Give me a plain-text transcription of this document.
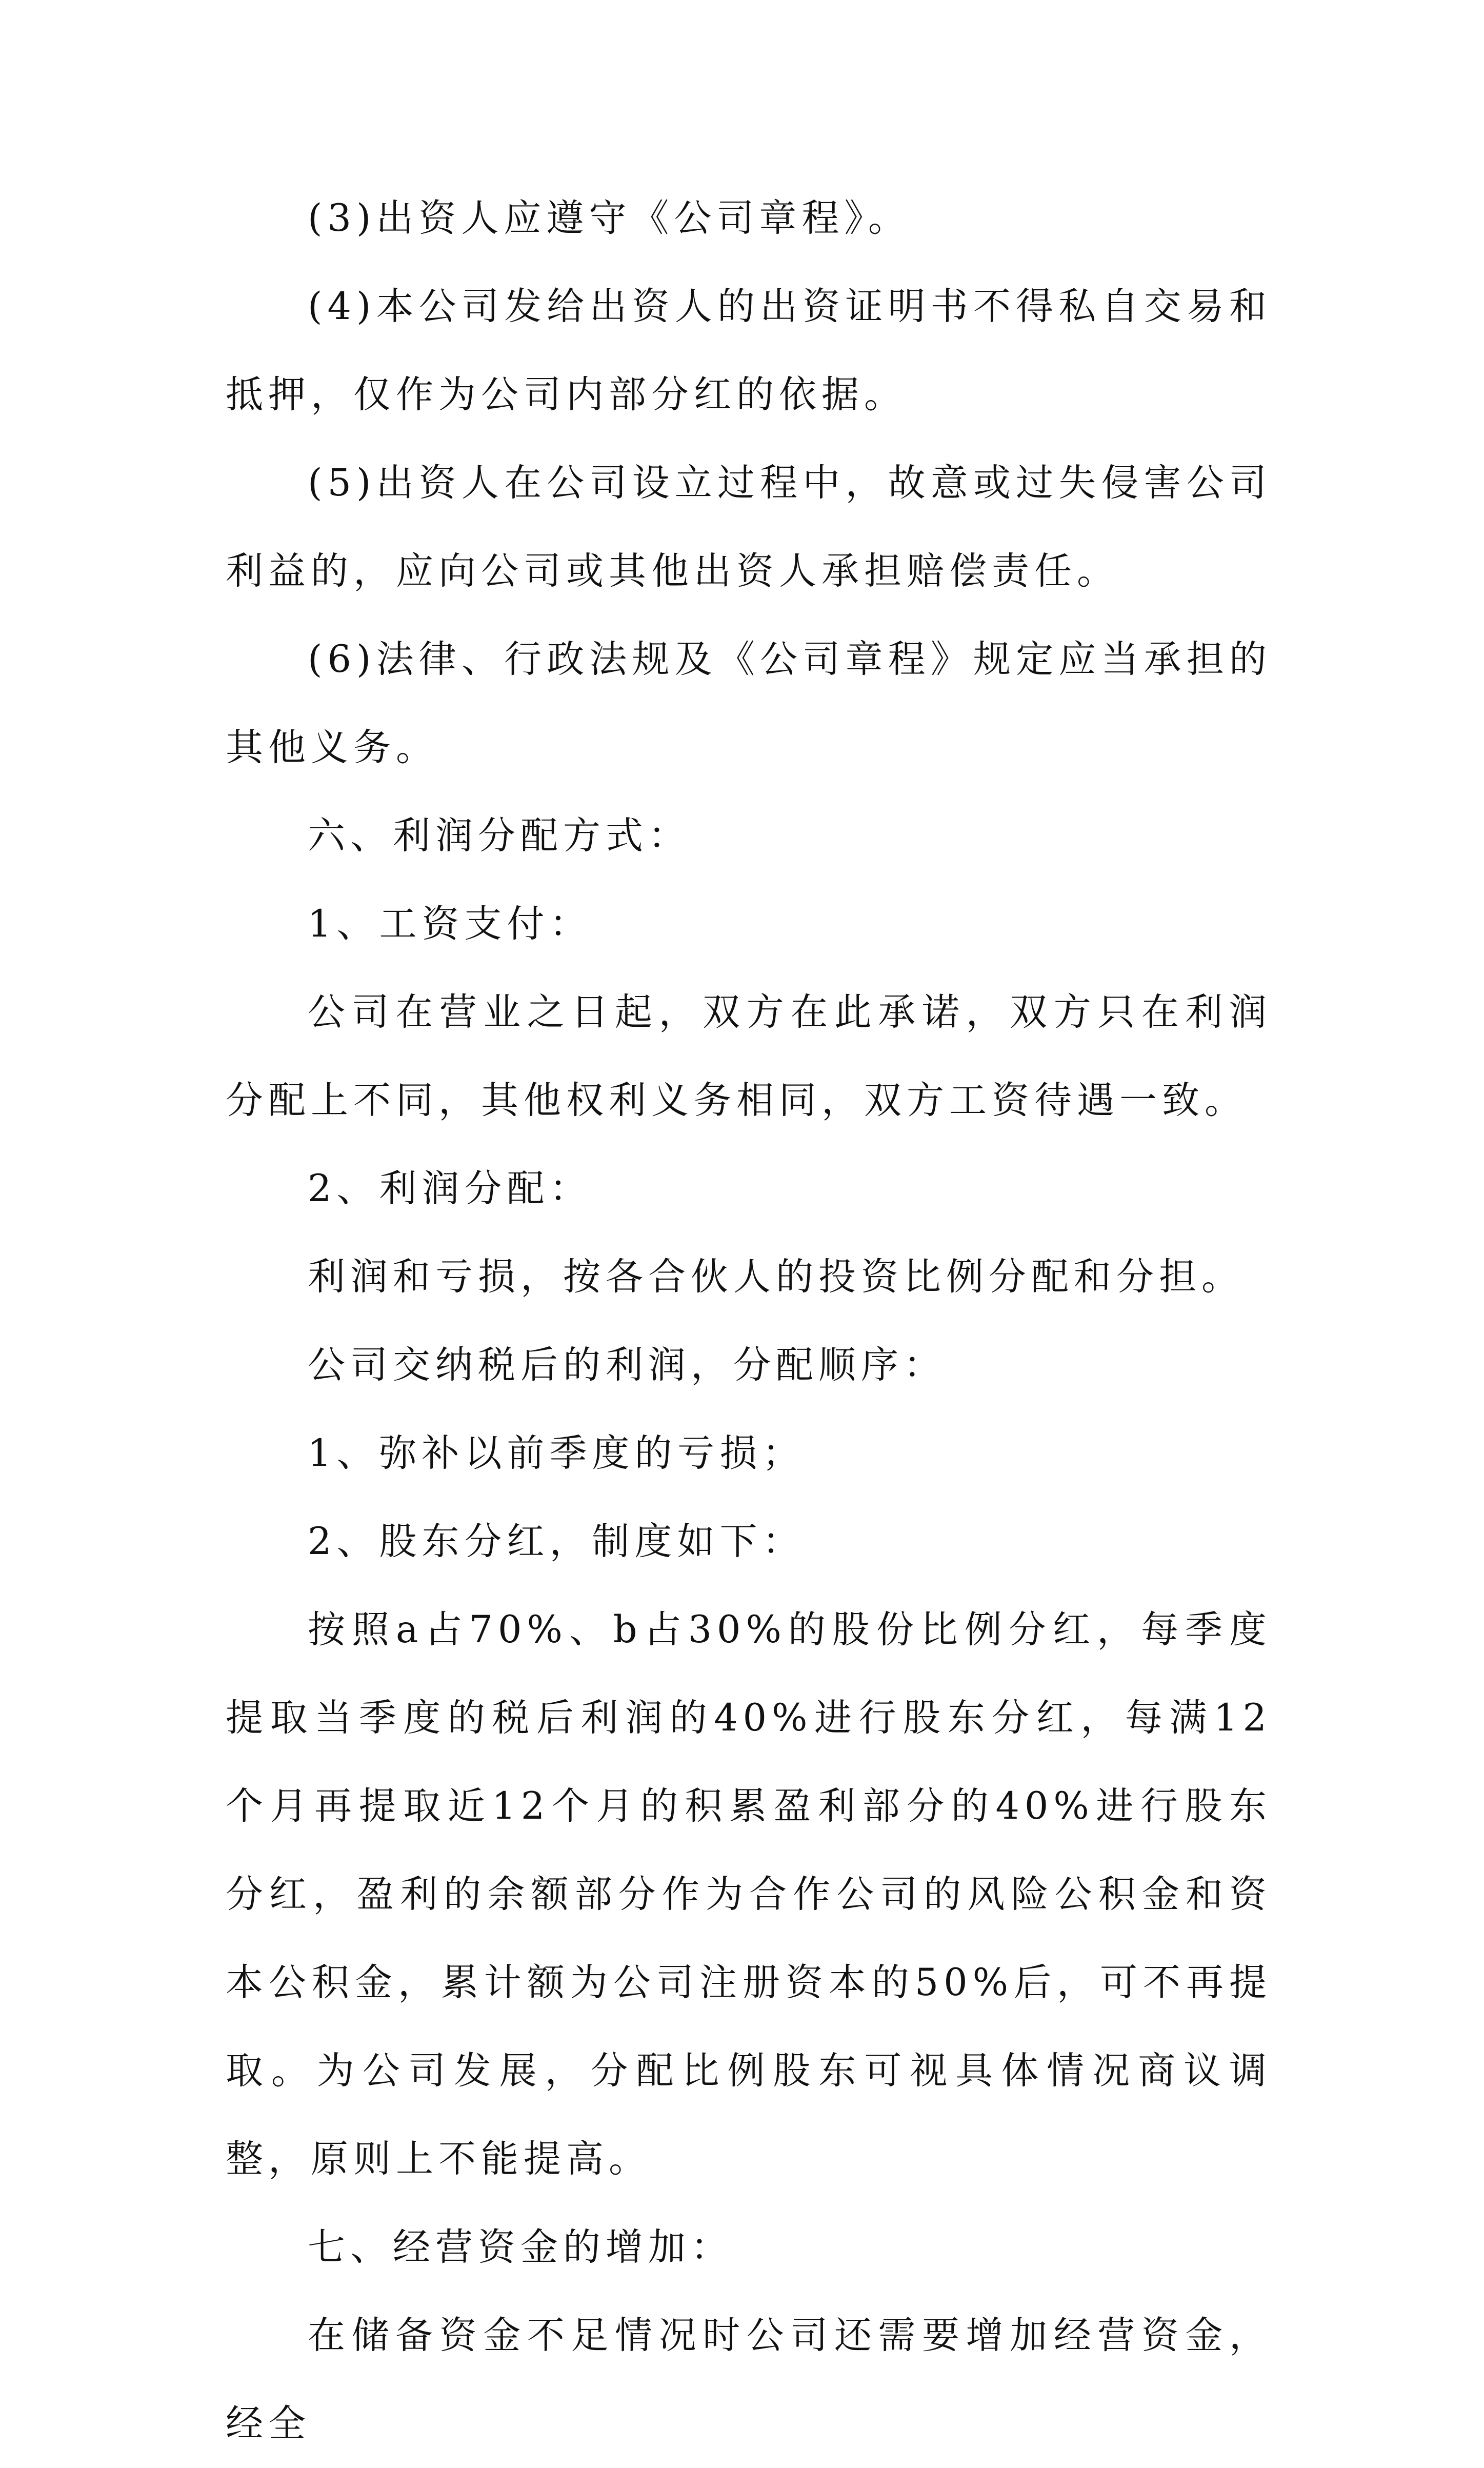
(3)出资人应遵守《公司章程》。

(4)本公司发给出资人的出资证明书不得私自交易和抵押，仅作为公司内部分红的依据。

(5)出资人在公司设立过程中，故意或过失侵害公司利益的，应向公司或其他出资人承担赔偿责任。

(6)法律、行政法规及《公司章程》规定应当承担的其他义务。

六、利润分配方式：

1、工资支付：

公司在营业之日起，双方在此承诺，双方只在利润分配上不同，其他权利义务相同，双方工资待遇一致。

2、利润分配：

利润和亏损，按各合伙人的投资比例分配和分担。

公司交纳税后的利润，分配顺序：

1、弥补以前季度的亏损；

2、股东分红，制度如下：

按照a占70%、b占30%的股份比例分红，每季度提取当季度的税后利润的40%进行股东分红，每满12个月再提取近12个月的积累盈利部分的40%进行股东分红，盈利的余额部分作为合作公司的风险公积金和资本公积金，累计额为公司注册资本的50%后，可不再提取。为公司发展，分配比例股东可视具体情况商议调整，原则上不能提高。

七、经营资金的增加：

在储备资金不足情况时公司还需要增加经营资金，经全
